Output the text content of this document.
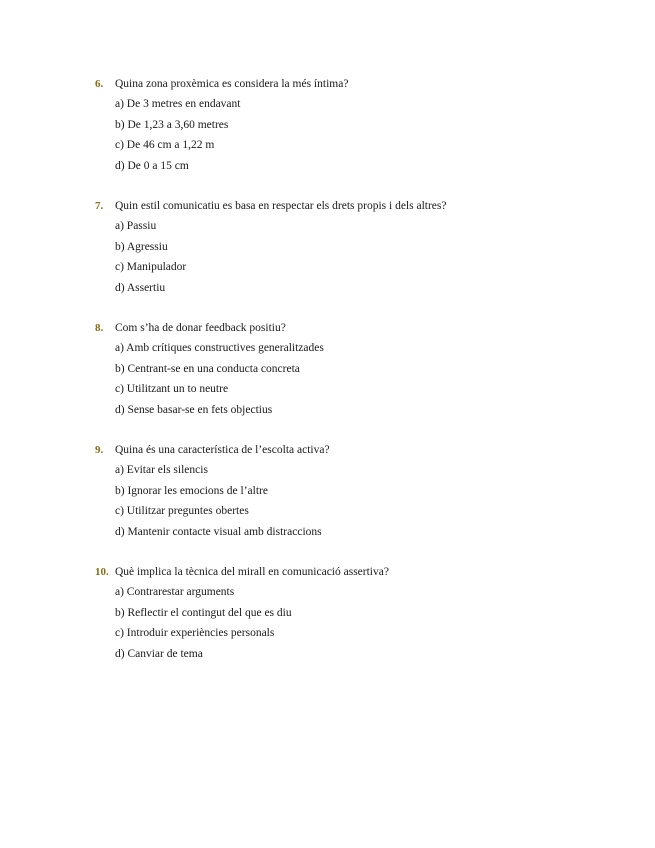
6. Quina zona proxèmica es considera la més íntima?
a) De 3 metres en endavant
b) De 1,23 a 3,60 metres
c) De 46 cm a 1,22 m
d) De 0 a 15 cm
7. Quin estil comunicatiu es basa en respectar els drets propis i dels altres?
a) Passiu
b) Agressiu
c) Manipulador
d) Assertiu
8. Com s’ha de donar feedback positiu?
a) Amb crítiques constructives generalitzades
b) Centrant-se en una conducta concreta
c) Utilitzant un to neutre
d) Sense basar-se en fets objectius
9. Quina és una característica de l’escolta activa?
a) Evitar els silencis
b) Ignorar les emocions de l’altre
c) Utilitzar preguntes obertes
d) Mantenir contacte visual amb distraccions
10. Què implica la tècnica del mirall en comunicació assertiva?
a) Contrarestar arguments
b) Reflectir el contingut del que es diu
c) Introduir experiències personals
d) Canviar de tema
